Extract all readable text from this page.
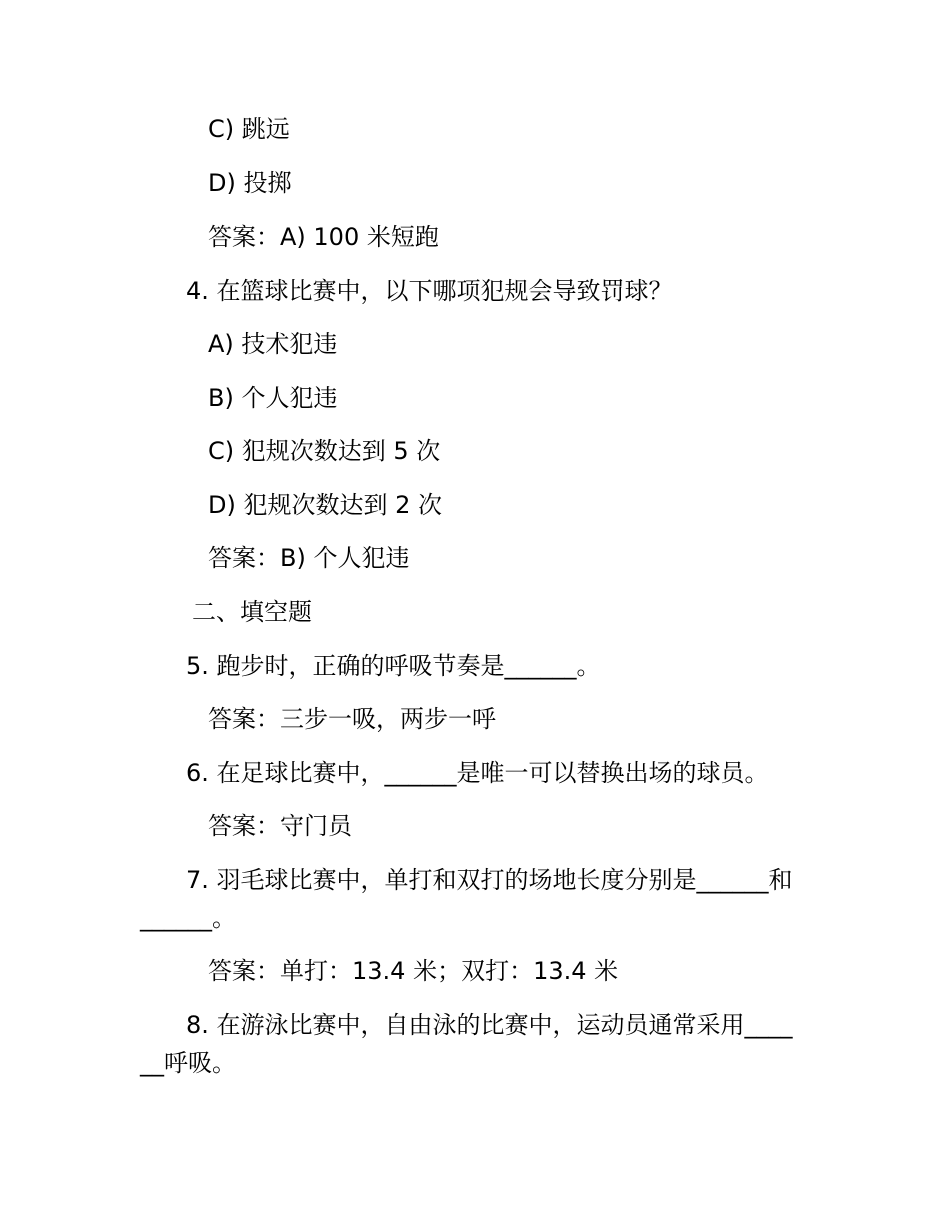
C) 跳远
D) 投掷
答案：A) 100 米短跑
4. 在篮球比赛中，以下哪项犯规会导致罚球？
A) 技术犯违
B) 个人犯违
C) 犯规次数达到 5 次
D) 犯规次数达到 2 次
答案：B) 个人犯违
二、填空题
5. 跑步时，正确的呼吸节奏是______。
答案：三步一吸，两步一呼
6. 在足球比赛中，______是唯一可以替换出场的球员。
答案：守门员
7. 羽毛球比赛中，单打和双打的场地长度分别是______和
______。
答案：单打：13.4 米；双打：13.4 米
8. 在游泳比赛中，自由泳的比赛中，运动员通常采用____
__呼吸。
